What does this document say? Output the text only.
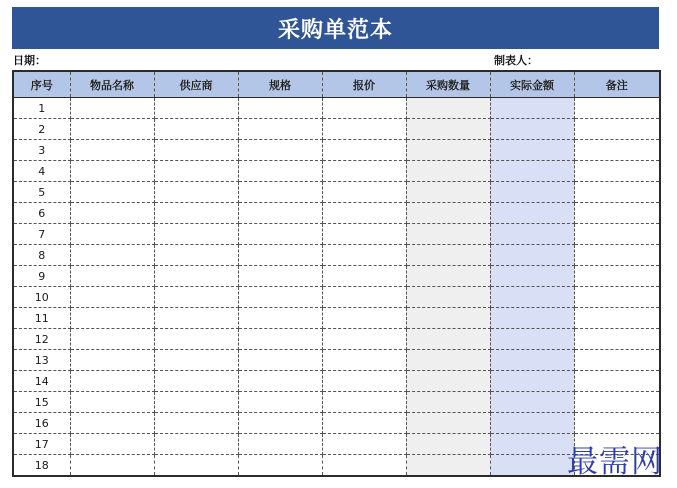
采购单范本
日期：	制表人：
序号	物品名称	供应商	规格	报价	采购数量	实际金额	备注
1							
2							
3							
4							
5							
6							
7							
8							
9							
10							
11							
12							
13							
14							
15							
16							
17							
18								最需网
